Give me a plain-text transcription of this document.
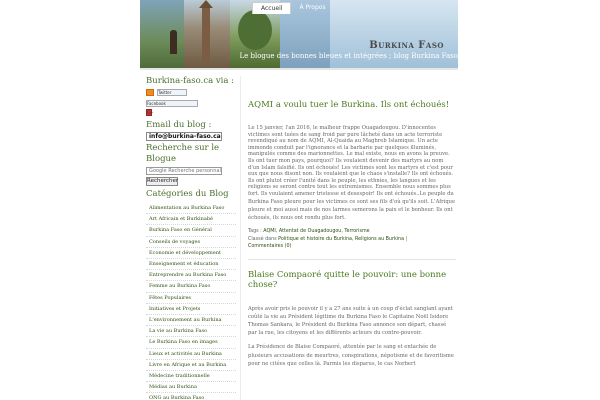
Burkina Faso
Le blogue des bonnes bleues et intégrées ; blog Burkina Faso
Accueil	À Propos
Burkina-faso.ca via :
Twitter
Facebook
G+
Email du blog :
info@burkina-faso.ca
Recherche sur le Blogue
Google Recherche personnalisée
Rechercher
Catégories du Blog
Alimentation au Burkina Faso
Art Africain et Burkinabé
Burkina Faso en Général
Conseils de voyages
Economie et développement
Enseignement et éducation
Entreprendre au Burkina Faso
Femme au Burkina Faso
Fêtes Populaires
Initiatives et Projets
L'environnement au Burkina
La vie au Burkina Faso
Le Burkina Faso en images
Lieux et activités au Burkina
Livre en Afrique et au Burkina
Médecine traditionnelle
Médias au Burkina
ONG au Burkina Faso
AQMI a voulu tuer le Burkina. Ils ont échoués!
Le 15 janvier, l'an 2016, le malheur frappe Ouagadougou. D'innocentes victimes sont tuées de sang froid par pure lâcheté dans un acte terroriste revendiqué au nom de AQMI, Al-Quaida au Maghreb Islamique. Un acte immonde conduit par l'ignorance et la barbarie par quelques illuminés, manipulés comme des marionnettes. Le mal existe, nous en avons la preuve. Ils ont tuer mon pays, pourquoi? Ils voulaient devenir des martyrs au nom d'un Islam falsifié. Ils ont échoués! Les victimes sont les martyrs et c'est pour eux que nous disont non. Ils voulaient que le chaos s'installe? Ils ont échoués. Ils ont plutot créer l'unité dans le peuple, les ethnies, les langues et les religions se seront contre tout les extremismes. Ensemble nous sommes plus fort. Ils voulaient amener tristesse et desespoir! Ils ont échoués..Le peuple du
Burkina Faso pleure pour les victimes ce sont ses fils d'où qu'ils soit. L'Afrique pleure et moi aussi mais de nos larmes semerons la paix et le bonheur. Ils ont échoués, ils nous ont rendu plus fort.
Tags : AQMI, Attentat de Ouagadougou, Terrorisme
Classé dans Politique et histoire du Burkina, Religions au Burkina |
Commentaires (0)
Blaise Compaoré quitte le pouvoir: une bonne chose?
Après avoir pris le pouvoir il y a 27 ans suite à un coup d'éclat sanglant ayant coûté la vie au Président légitime du Burkina Faso le Capitaine Noël Isidore Thomas Sankara, le Président du Burkina Faso annonce son départ, chassé par la rue, les citoyens et les différents acteurs du contre-pouvoir.
La Présidence de Blaise Compaoré, attentée par le sang et entachée de plusieurs accusations de meurtres, conspirations, népotisme et de favoritisme pour ne citées que celles là. Parmis les disparus, le cas Norbert
